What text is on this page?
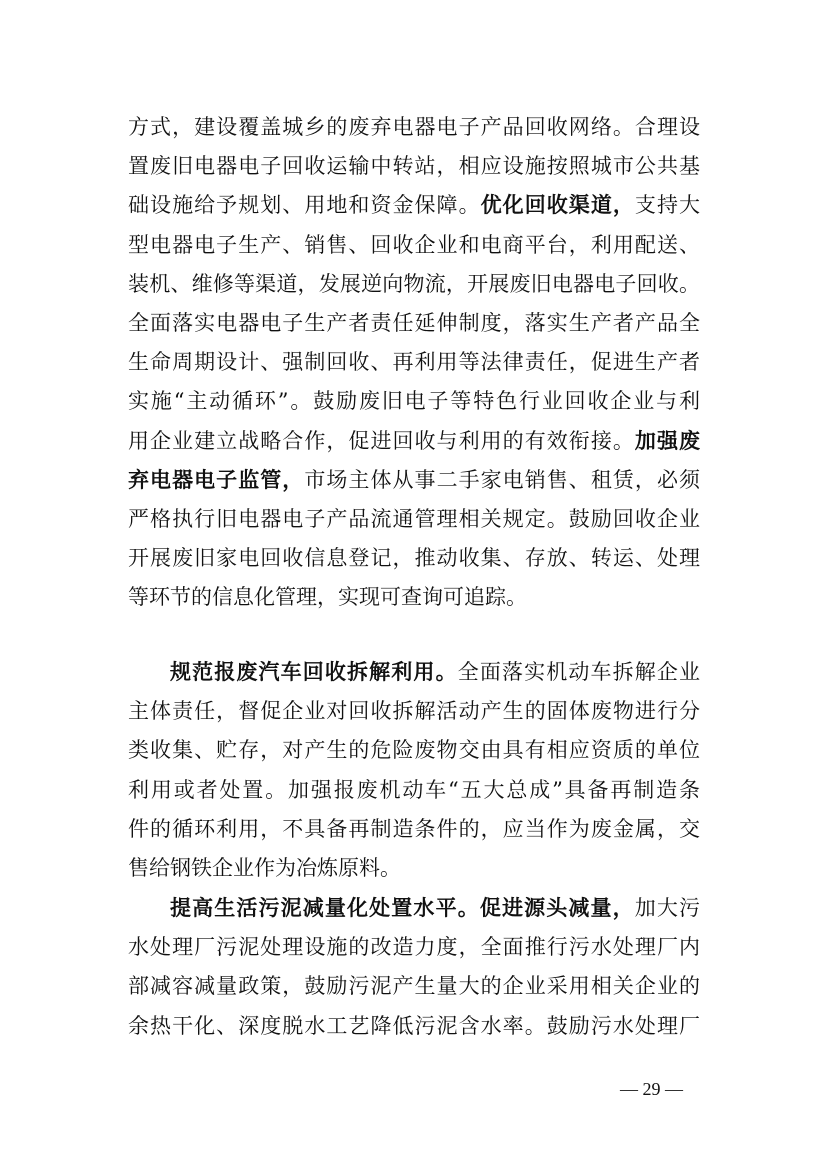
方式，建设覆盖城乡的废弃电器电子产品回收网络。合理设
置废旧电器电子回收运输中转站，相应设施按照城市公共基
础设施给予规划、用地和资金保障。优化回收渠道，支持大
型电器电子生产、销售、回收企业和电商平台，利用配送、
装机、维修等渠道，发展逆向物流，开展废旧电器电子回收。
全面落实电器电子生产者责任延伸制度，落实生产者产品全
生命周期设计、强制回收、再利用等法律责任，促进生产者
实施“主动循环”。鼓励废旧电子等特色行业回收企业与利
用企业建立战略合作，促进回收与利用的有效衔接。加强废
弃电器电子监管，市场主体从事二手家电销售、租赁，必须
严格执行旧电器电子产品流通管理相关规定。鼓励回收企业
开展废旧家电回收信息登记，推动收集、存放、转运、处理
等环节的信息化管理，实现可查询可追踪。
规范报废汽车回收拆解利用。全面落实机动车拆解企业
主体责任，督促企业对回收拆解活动产生的固体废物进行分
类收集、贮存，对产生的危险废物交由具有相应资质的单位
利用或者处置。加强报废机动车“五大总成”具备再制造条
件的循环利用，不具备再制造条件的，应当作为废金属，交
售给钢铁企业作为冶炼原料。
提高生活污泥减量化处置水平。促进源头减量，加大污
水处理厂污泥处理设施的改造力度，全面推行污水处理厂内
部减容减量政策，鼓励污泥产生量大的企业采用相关企业的
余热干化、深度脱水工艺降低污泥含水率。鼓励污水处理厂
— 29 —
